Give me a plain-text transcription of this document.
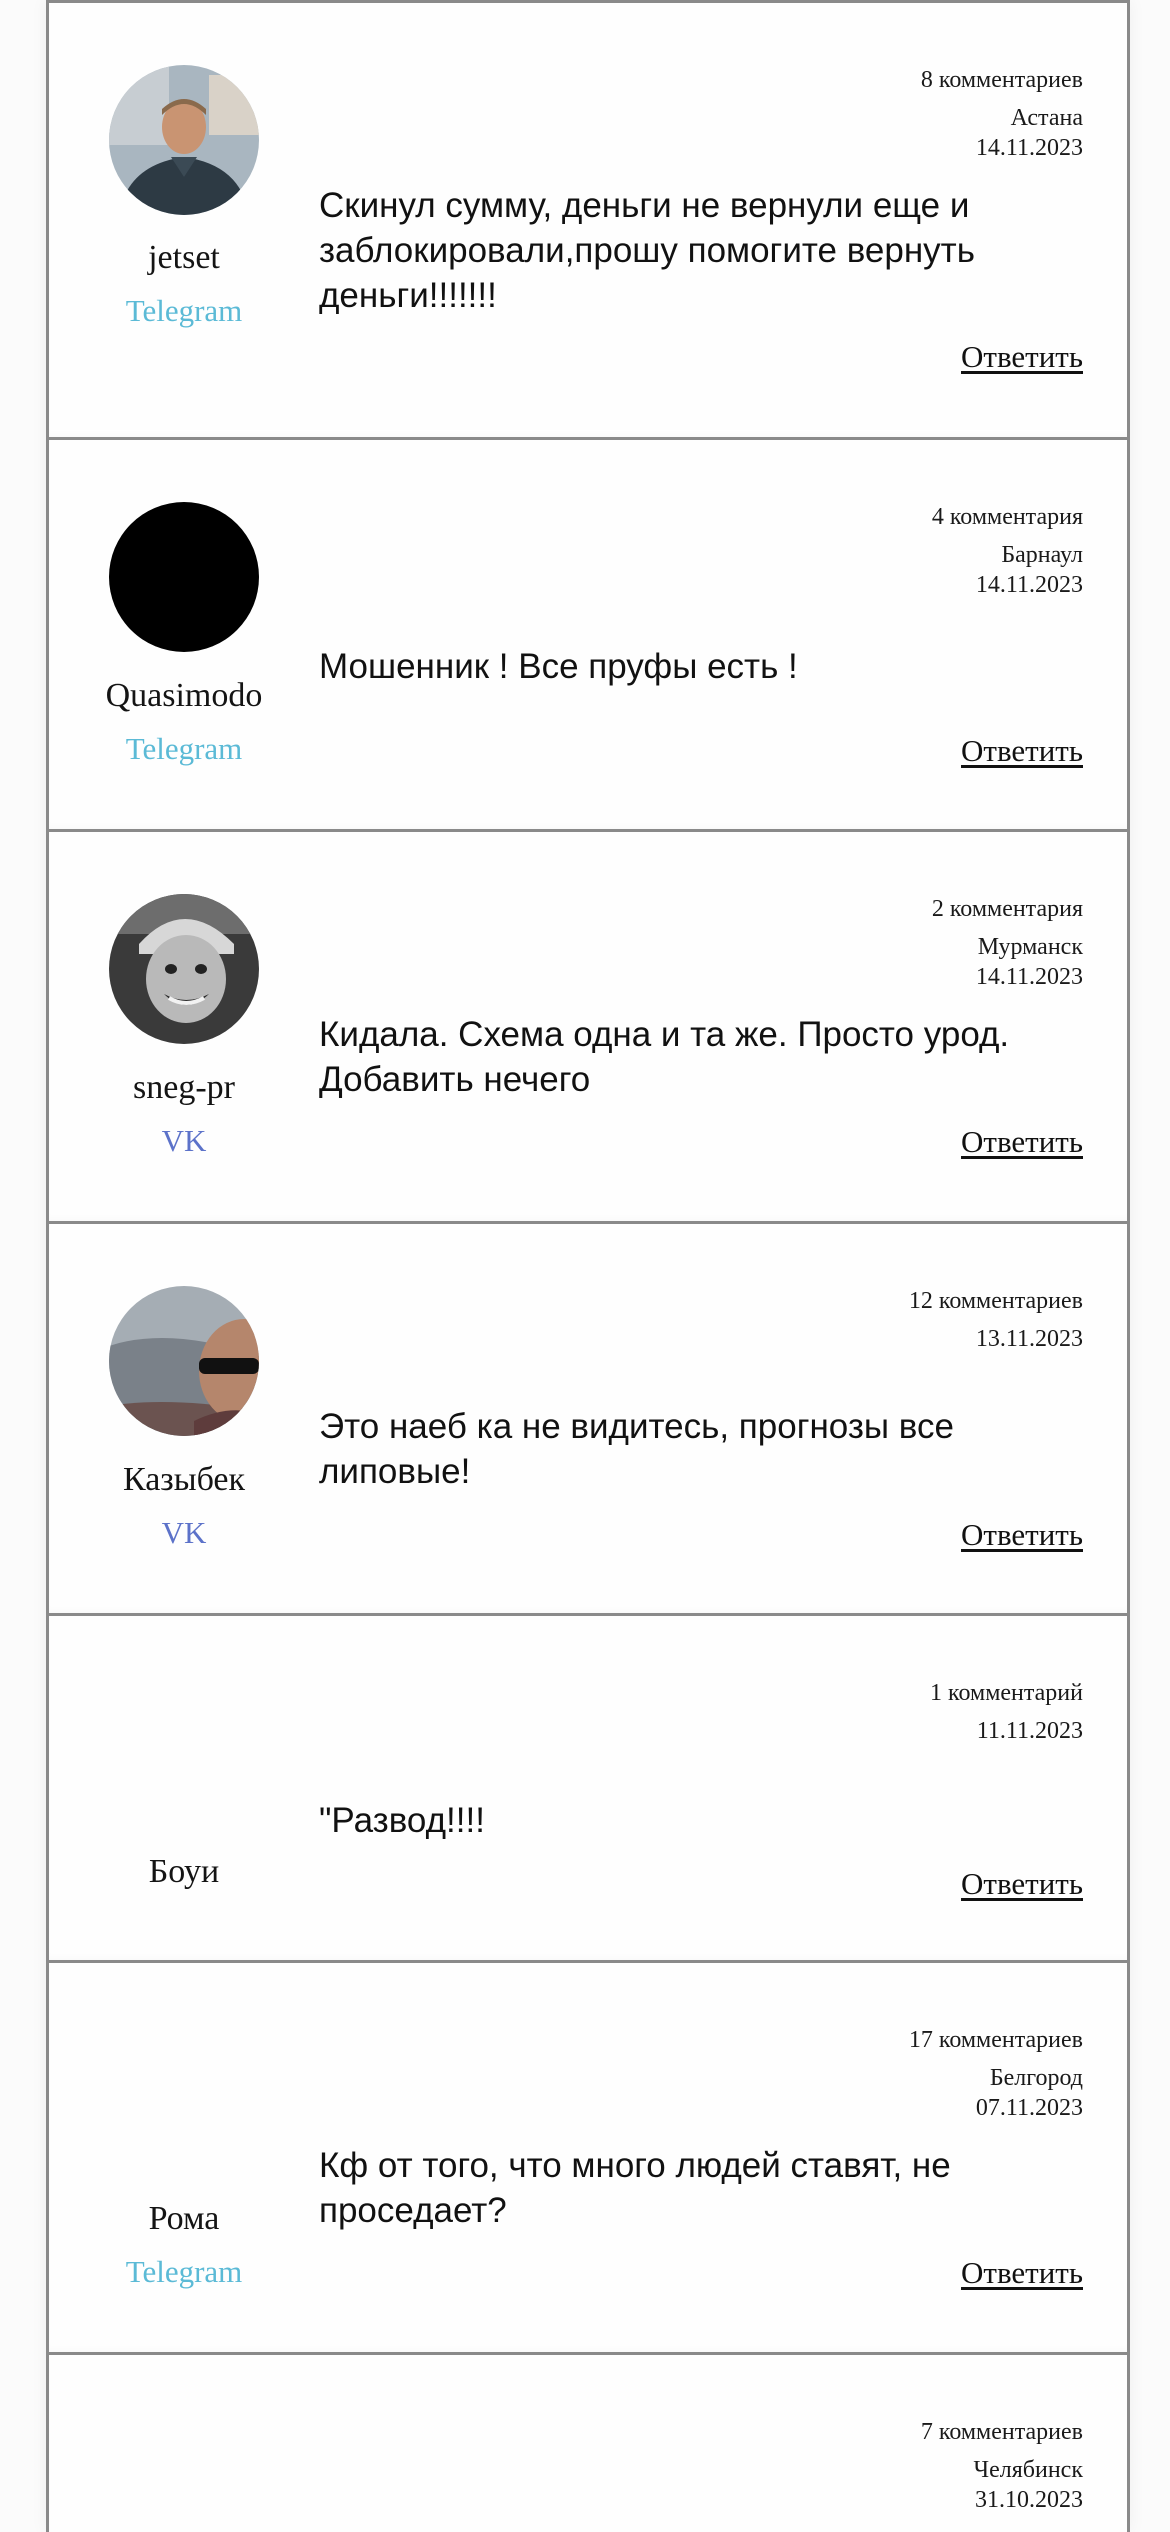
jetset
Telegram
8 комментариев
Астана
14.11.2023
Скинул сумму, деньги не вернули еще и заблокировали,прошу помогите вернуть деньги!!!!!!!
Ответить
Quasimodo
Telegram
4 комментария
Барнаул
14.11.2023
Мошенник ! Все пруфы есть !
Ответить
sneg-pr
VK
2 комментария
Мурманск
14.11.2023
Кидала. Схема одна и та же. Просто урод. Добавить нечего
Ответить
Казыбек
VK
12 комментариев
13.11.2023
Это наеб ка не видитесь, прогнозы все липовые!
Ответить
Боуи
1 комментарий
11.11.2023
"Развод!!!!
Ответить
Рома
Telegram
17 комментариев
Белгород
07.11.2023
Кф от того, что много людей ставят, не проседает?
Ответить
7 комментариев
Челябинск
31.10.2023
